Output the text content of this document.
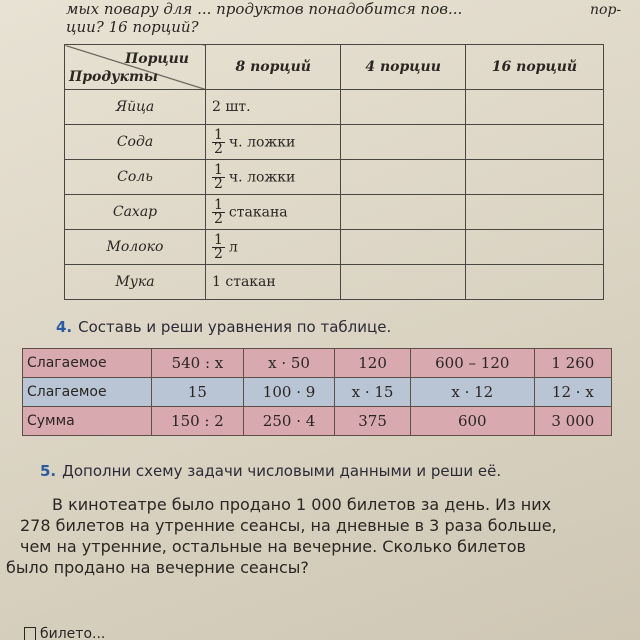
мых повару для ... продуктов понадобится пов...
ции? 16 порций?
пор-
Порции
Продукты	8 порций	4 порции	16 порций
Яйца	2 шт.		
Сода	$\frac{1}{2} ч$. ложки		
Соль	$\frac{1}{2} ч$. ложки		
Сахар	$\frac{1}{2}$ стакана		
Молоко	$\frac{1}{2}$ л		
Мука	1 стакан		
4. Составь и реши уравнения по таблице.
Слагаемое	540 : x	x · 50	120	600 – 120	1 260
Слагаемое	15	100 · 9	x · 15	x · 12	12 · x
Сумма	150 : 2	250 · 4	375	600	3 000
5. Дополни схему задачи числовыми данными и реши её.
В кинотеатре было продано 1 000 билетов за день. Из них
278 билетов на утренние сеансы, на дневные в 3 раза больше,
чем на утренние, остальные на вечерние. Сколько билетов
было продано на вечерние сеансы?
билето...
